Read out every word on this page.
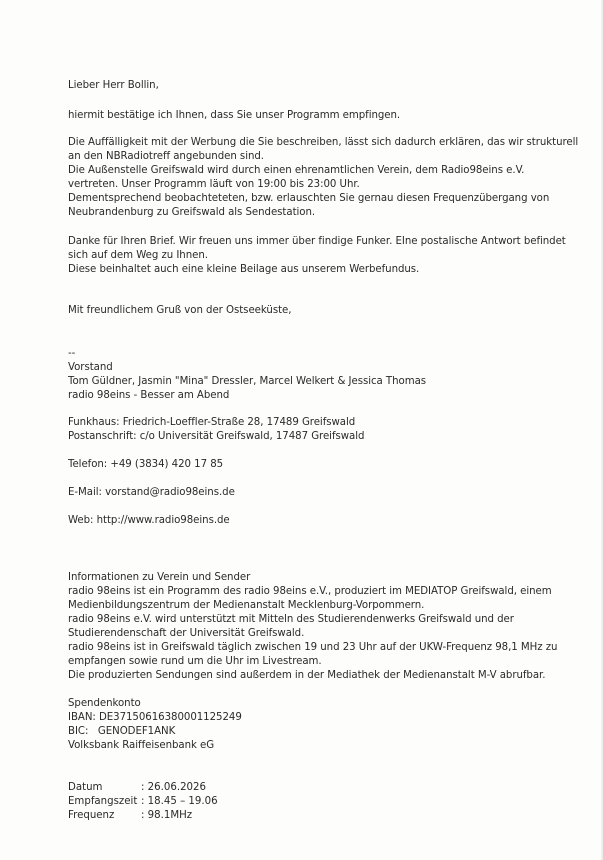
Lieber Herr Bollin,
hiermit bestätige ich Ihnen, dass Sie unser Programm empfingen.
Die Auffälligkeit mit der Werbung die Sie beschreiben, lässt sich dadurch erklären, das wir strukturell
an den NBRadiotreff angebunden sind.
Die Außenstelle Greifswald wird durch einen ehrenamtlichen Verein, dem Radio98eins e.V.
vertreten. Unser Programm läuft von 19:00 bis 23:00 Uhr.
Dementsprechend beobachteteten, bzw. erlauschten Sie gernau diesen Frequenzübergang von
Neubrandenburg zu Greifswald als Sendestation.
Danke für Ihren Brief. Wir freuen uns immer über findige Funker. EIne postalische Antwort befindet
sich auf dem Weg zu Ihnen.
Diese beinhaltet auch eine kleine Beilage aus unserem Werbefundus.
Mit freundlichem Gruß von der Ostseeküste,
--
Vorstand
Tom Güldner, Jasmin "Mina" Dressler, Marcel Welkert & Jessica Thomas
radio 98eins - Besser am Abend
Funkhaus: Friedrich-Loeffler-Straße 28, 17489 Greifswald
Postanschrift: c/o Universität Greifswald, 17487 Greifswald
Telefon: +49 (3834) 420 17 85
E-Mail: vorstand@radio98eins.de
Web: http://www.radio98eins.de
Informationen zu Verein und Sender
radio 98eins ist ein Programm des radio 98eins e.V., produziert im MEDIATOP Greifswald, einem
Medienbildungszentrum der Medienanstalt Mecklenburg-Vorpommern.
radio 98eins e.V. wird unterstützt mit Mitteln des Studierendenwerks Greifswald und der
Studierendenschaft der Universität Greifswald.
radio 98eins ist in Greifswald täglich zwischen 19 und 23 Uhr auf der UKW-Frequenz 98,1 MHz zu
empfangen sowie rund um die Uhr im Livestream.
Die produzierten Sendungen sind außerdem in der Mediathek der Medienanstalt M-V abrufbar.
Spendenkonto
IBAN: DE37150616380001125249
BIC:   GENODEF1ANK
Volksbank Raiffeisenbank eG
Datum	: 26.06.2026
Empfangszeit : 18.45 – 19.06
Frequenz	: 98.1MHz
